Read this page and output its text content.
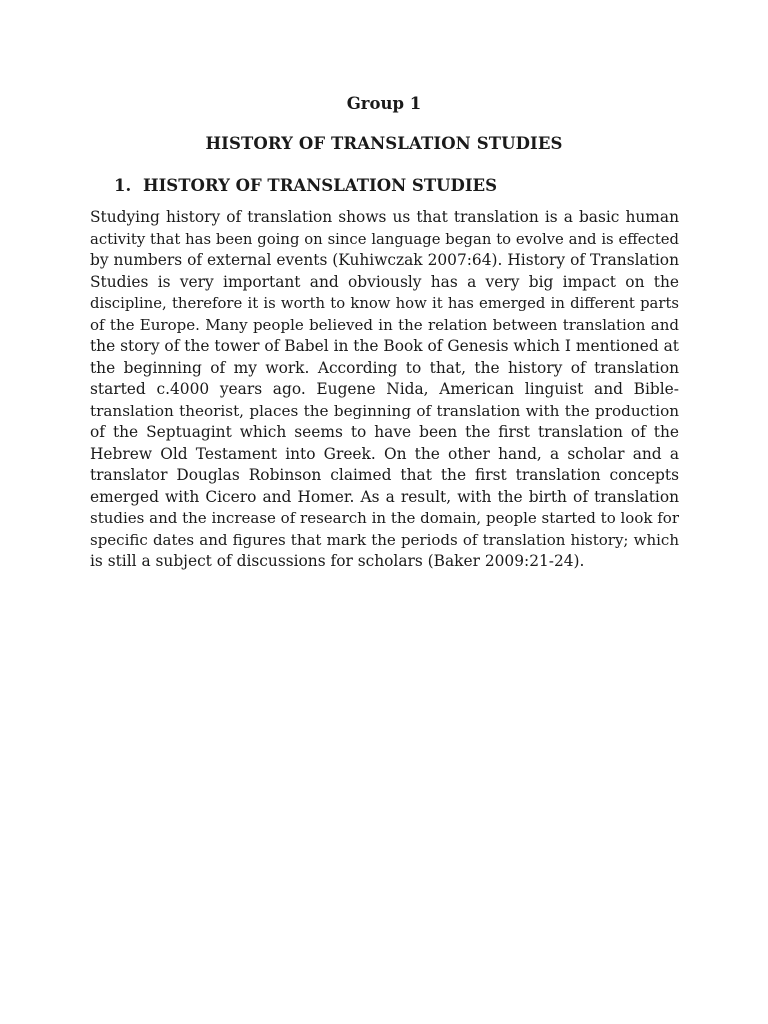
Group 1
HISTORY OF TRANSLATION STUDIES
1. HISTORY OF TRANSLATION STUDIES
Studying history of translation shows us that translation is a basic human
activity that has been going on since language began to evolve and is effected
by numbers of external events (Kuhiwczak 2007:64). History of Translation
Studies is very important and obviously has a very big impact on the
discipline, therefore it is worth to know how it has emerged in different parts
of the Europe. Many people believed in the relation between translation and
the story of the tower of Babel in the Book of Genesis which I mentioned at
the beginning of my work. According to that, the history of translation
started c.4000 years ago. Eugene Nida, American linguist and Bible-
translation theorist, places the beginning of translation with the production
of the Septuagint which seems to have been the first translation of the
Hebrew Old Testament into Greek. On the other hand, a scholar and a
translator Douglas Robinson claimed that the first translation concepts
emerged with Cicero and Homer. As a result, with the birth of translation
studies and the increase of research in the domain, people started to look for
specific dates and figures that mark the periods of translation history; which
is still a subject of discussions for scholars (Baker 2009:21-24).
